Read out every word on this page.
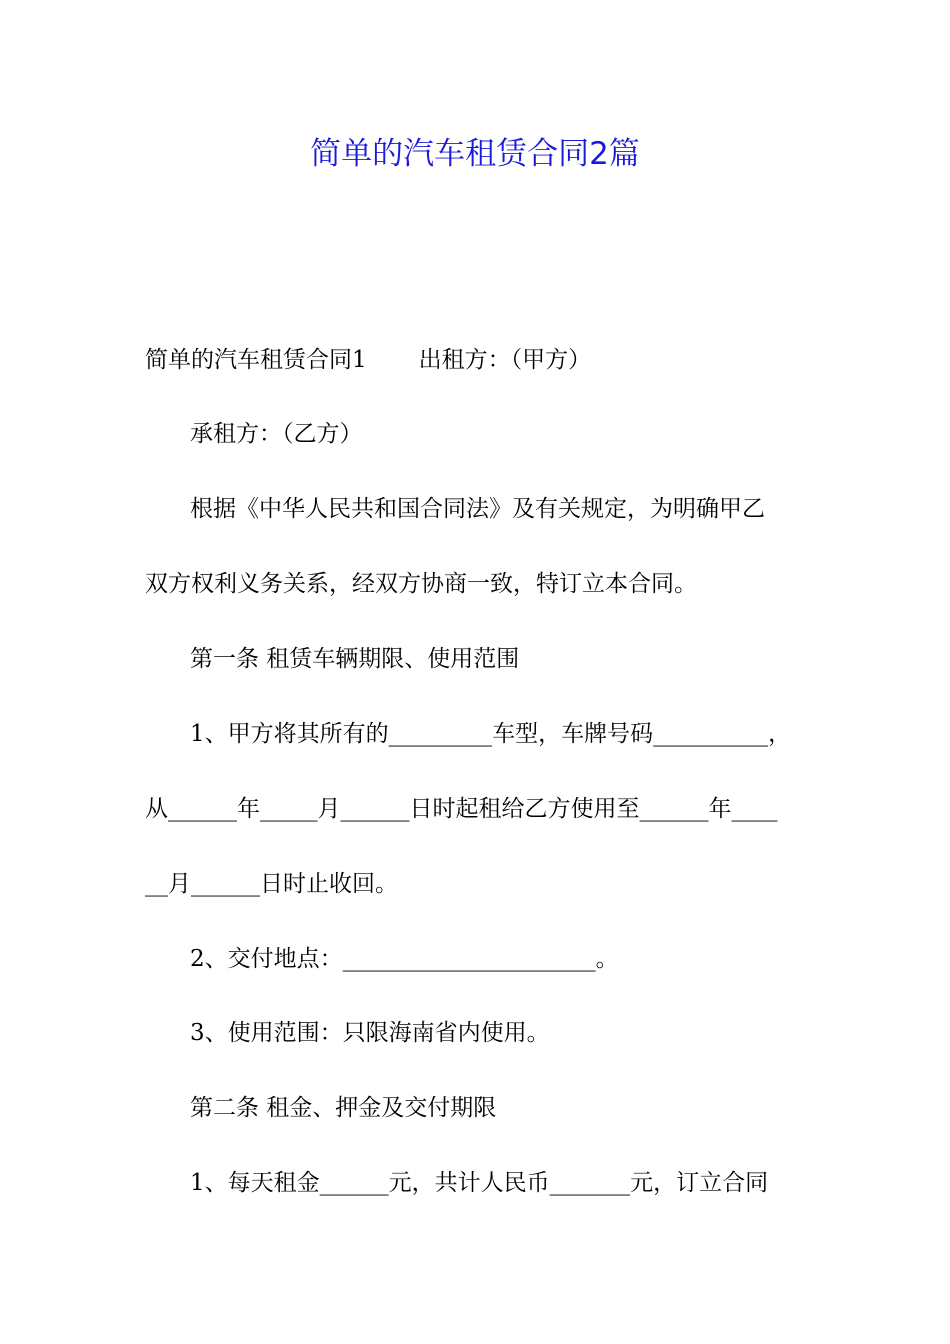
简单的汽车租赁合同2篇
简单的汽车租赁合同1 出租方：（甲方）
承租方：（乙方）
根据《中华人民共和国合同法》及有关规定，为明确甲乙
双方权利义务关系，经双方协商一致，特订立本合同。
第一条 租赁车辆期限、使用范围
1、甲方将其所有的_________车型，车牌号码__________，
从______年_____月______日时起租给乙方使用至______年____
__月______日时止收回。
2、交付地点：______________________。
3、使用范围：只限海南省内使用。
第二条 租金、押金及交付期限
1、每天租金______元，共计人民币_______元，订立合同
